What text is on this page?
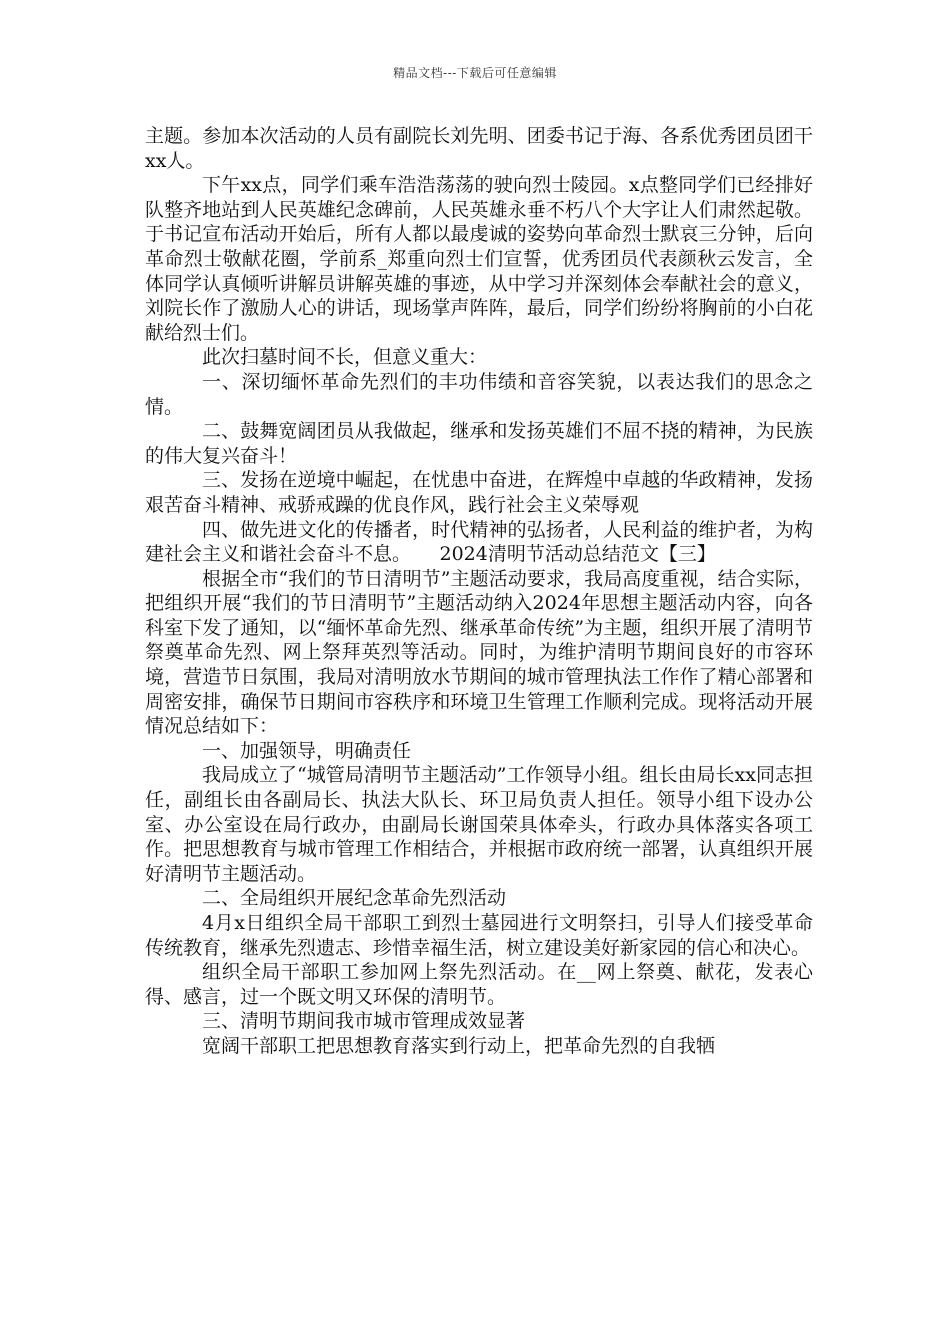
精品文档---下载后可任意编辑

主题。参加本次活动的人员有副院长刘先明、团委书记于海、各系优秀团员团干xx人。

下午xx点，同学们乘车浩浩荡荡的驶向烈士陵园。x点整同学们已经排好队整齐地站到人民英雄纪念碑前，人民英雄永垂不朽八个大字让人们肃然起敬。于书记宣布活动开始后，所有人都以最虔诚的姿势向革命烈士默哀三分钟，后向革命烈士敬献花圈，学前系_郑重向烈士们宣誓，优秀团员代表颜秋云发言，全体同学认真倾听讲解员讲解英雄的事迹，从中学习并深刻体会奉献社会的意义，刘院长作了激励人心的讲话，现场掌声阵阵，最后，同学们纷纷将胸前的小白花献给烈士们。

此次扫墓时间不长，但意义重大：

一、深切缅怀革命先烈们的丰功伟绩和音容笑貌，以表达我们的思念之情。

二、鼓舞宽阔团员从我做起，继承和发扬英雄们不屈不挠的精神，为民族的伟大复兴奋斗！

三、发扬在逆境中崛起，在忧患中奋进，在辉煌中卓越的华政精神，发扬艰苦奋斗精神、戒骄戒躁的优良作风，践行社会主义荣辱观

四、做先进文化的传播者，时代精神的弘扬者，人民利益的维护者，为构建社会主义和谐社会奋斗不息。　　2024清明节活动总结范文【三】

根据全市“我们的节日清明节”主题活动要求，我局高度重视，结合实际，把组织开展“我们的节日清明节”主题活动纳入2024年思想主题活动内容，向各科室下发了通知，以“缅怀革命先烈、继承革命传统”为主题，组织开展了清明节祭奠革命先烈、网上祭拜英烈等活动。同时，为维护清明节期间良好的市容环境，营造节日氛围，我局对清明放水节期间的城市管理执法工作作了精心部署和周密安排，确保节日期间市容秩序和环境卫生管理工作顺利完成。现将活动开展情况总结如下：

一、加强领导，明确责任

我局成立了“城管局清明节主题活动”工作领导小组。组长由局长xx同志担任，副组长由各副局长、执法大队长、环卫局负责人担任。领导小组下设办公室、办公室设在局行政办，由副局长谢国荣具体牵头，行政办具体落实各项工作。把思想教育与城市管理工作相结合，并根据市政府统一部署，认真组织开展好清明节主题活动。

二、全局组织开展纪念革命先烈活动

4月x日组织全局干部职工到烈士墓园进行文明祭扫，引导人们接受革命传统教育，继承先烈遗志、珍惜幸福生活，树立建设美好新家园的信心和决心。

组织全局干部职工参加网上祭先烈活动。在__网上祭奠、献花，发表心得、感言，过一个既文明又环保的清明节。

三、清明节期间我市城市管理成效显著

宽阔干部职工把思想教育落实到行动上，把革命先烈的自我牺
